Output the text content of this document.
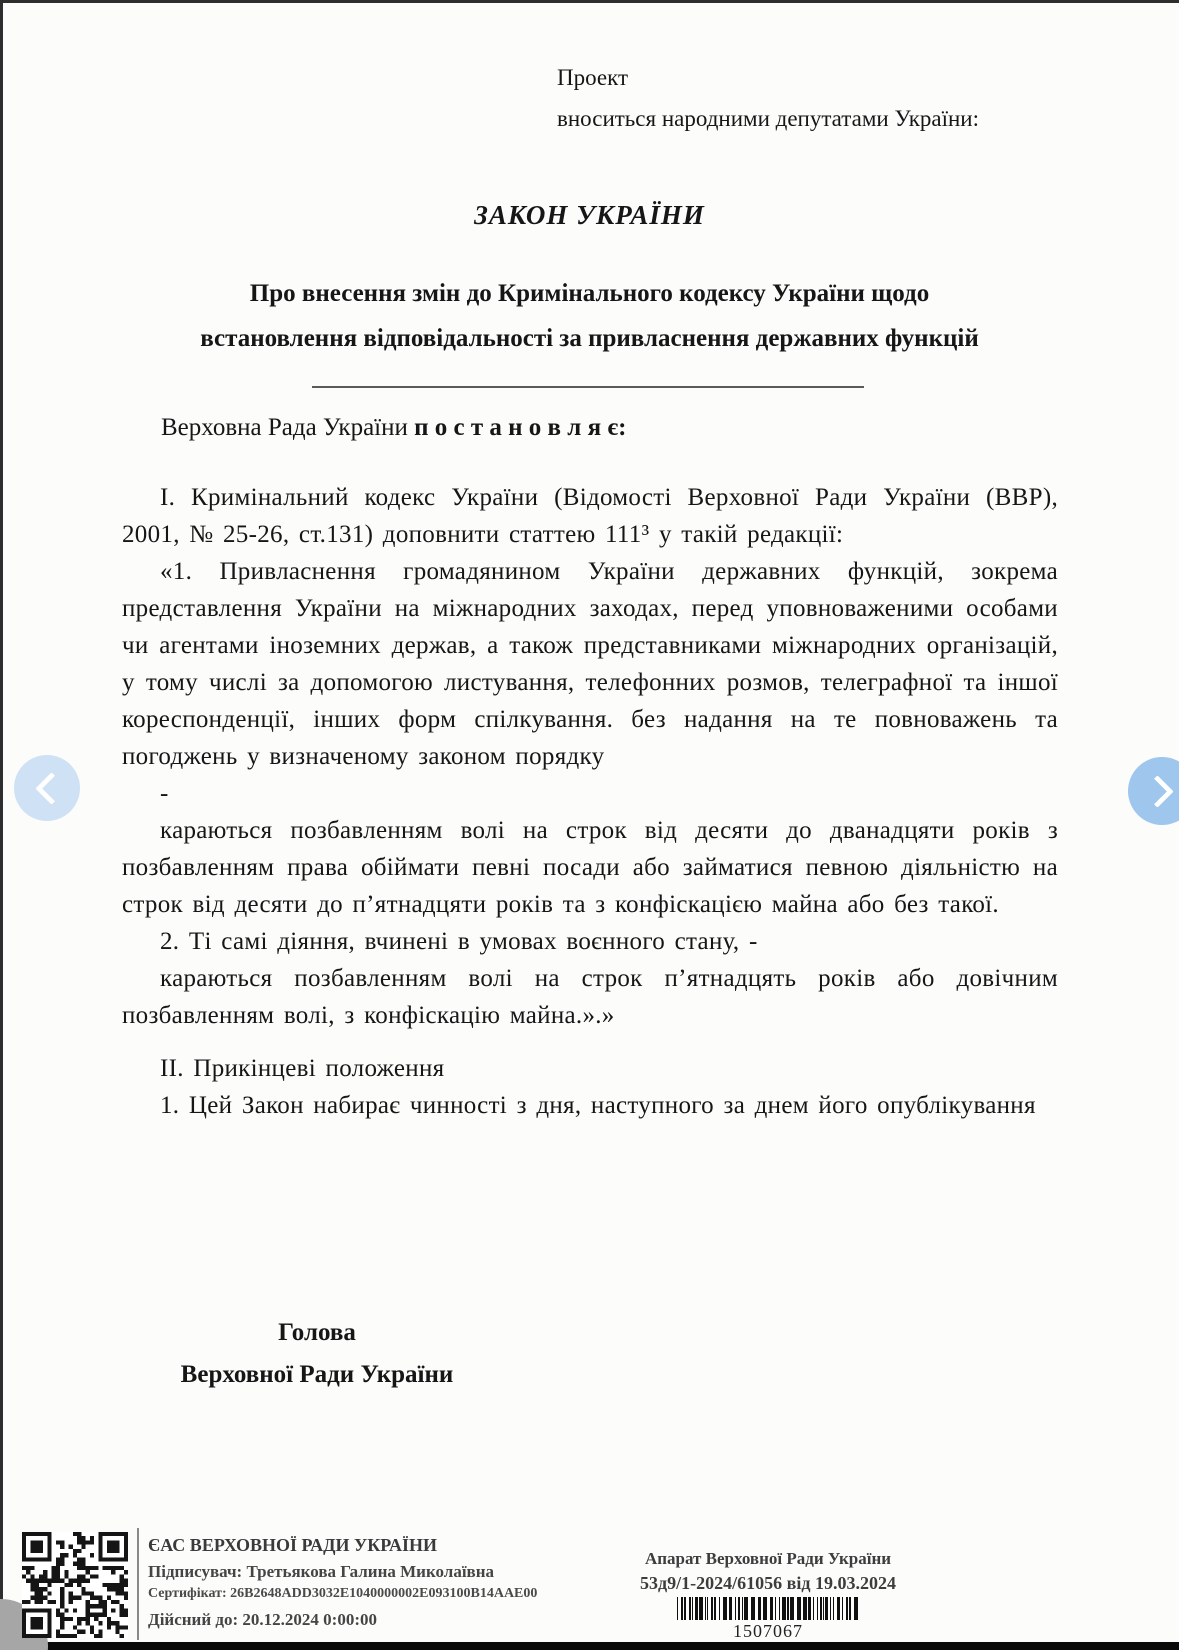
Проект
вноситься народними депутатами України:
ЗАКОН УКРАЇНИ
Про внесення змін до Кримінального кодексу України щодо
встановлення відповідальності за привласнення державних функцій
Верховна Рада України п о с т а н о в л я є:

І. Кримінальний кодекс України (Відомості Верховної Ради України (ВВР), 2001, № 25-26, ст.131) доповнити статтею 111³ у такій редакції:

«1. Привласнення громадянином України державних функцій, зокрема представлення України на міжнародних заходах, перед уповноваженими особами чи агентами іноземних держав, а також представниками міжнародних організацій, у тому числі за допомогою листування, телефонних розмов, телеграфної та іншої кореспонденції, інших форм спілкування. без надання на те повноважень та погоджень у визначеному законом порядку

-

караються позбавленням волі на строк від десяти до дванадцяти років з позбавленням права обіймати певні посади або займатися певною діяльністю на строк від десяти до п’ятнадцяти років та з конфіскацією майна або без такої.

2. Ті самі діяння, вчинені в умовах воєнного стану, -

караються позбавленням волі на строк п’ятнадцять років або довічним позбавленням волі, з конфіскацію майна.».»

ІІ. Прикінцеві положення

1. Цей Закон набирає чинності з дня, наступного за днем його опублікування

Голова
Верховної Ради України
ЄАС ВЕРХОВНОЇ РАДИ УКРАЇНИ
Підписувач: Третьякова Галина Миколаївна
Сертифікат: 26B2648ADD3032E1040000002E093100B14AAE00
Дійсний до: 20.12.2024 0:00:00
Апарат Верховної Ради України
53д9/1-2024/61056 від 19.03.2024
1507067
